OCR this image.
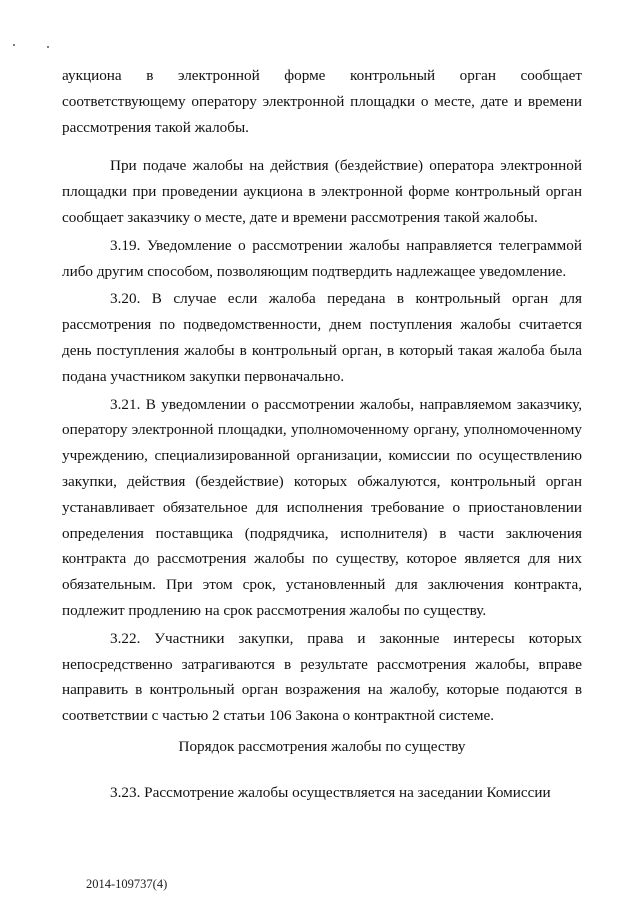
аукциона в электронной форме контрольный орган сообщает соответствующему оператору электронной площадки о месте, дате и времени рассмотрения такой жалобы.

При подаче жалобы на действия (бездействие) оператора электронной площадки при проведении аукциона в электронной форме контрольный орган сообщает заказчику о месте, дате и времени рассмотрения такой жалобы.

3.19. Уведомление о рассмотрении жалобы направляется телеграммой либо другим способом, позволяющим подтвердить надлежащее уведомление.

3.20. В случае если жалоба передана в контрольный орган для рассмотрения по подведомственности, днем поступления жалобы считается день поступления жалобы в контрольный орган, в который такая жалоба была подана участником закупки первоначально.

3.21. В уведомлении о рассмотрении жалобы, направляемом заказчику, оператору электронной площадки, уполномоченному органу, уполномоченному учреждению, специализированной организации, комиссии по осуществлению закупки, действия (бездействие) которых обжалуются, контрольный орган устанавливает обязательное для исполнения требование о приостановлении определения поставщика (подрядчика, исполнителя) в части заключения контракта до рассмотрения жалобы по существу, которое является для них обязательным. При этом срок, установленный для заключения контракта, подлежит продлению на срок рассмотрения жалобы по существу.

3.22. Участники закупки, права и законные интересы которых непосредственно затрагиваются в результате рассмотрения жалобы, вправе направить в контрольный орган возражения на жалобу, которые подаются в соответствии с частью 2 статьи 106 Закона о контрактной системе.

Порядок рассмотрения жалобы по существу

3.23. Рассмотрение жалобы осуществляется на заседании Комиссии

2014-109737(4)
